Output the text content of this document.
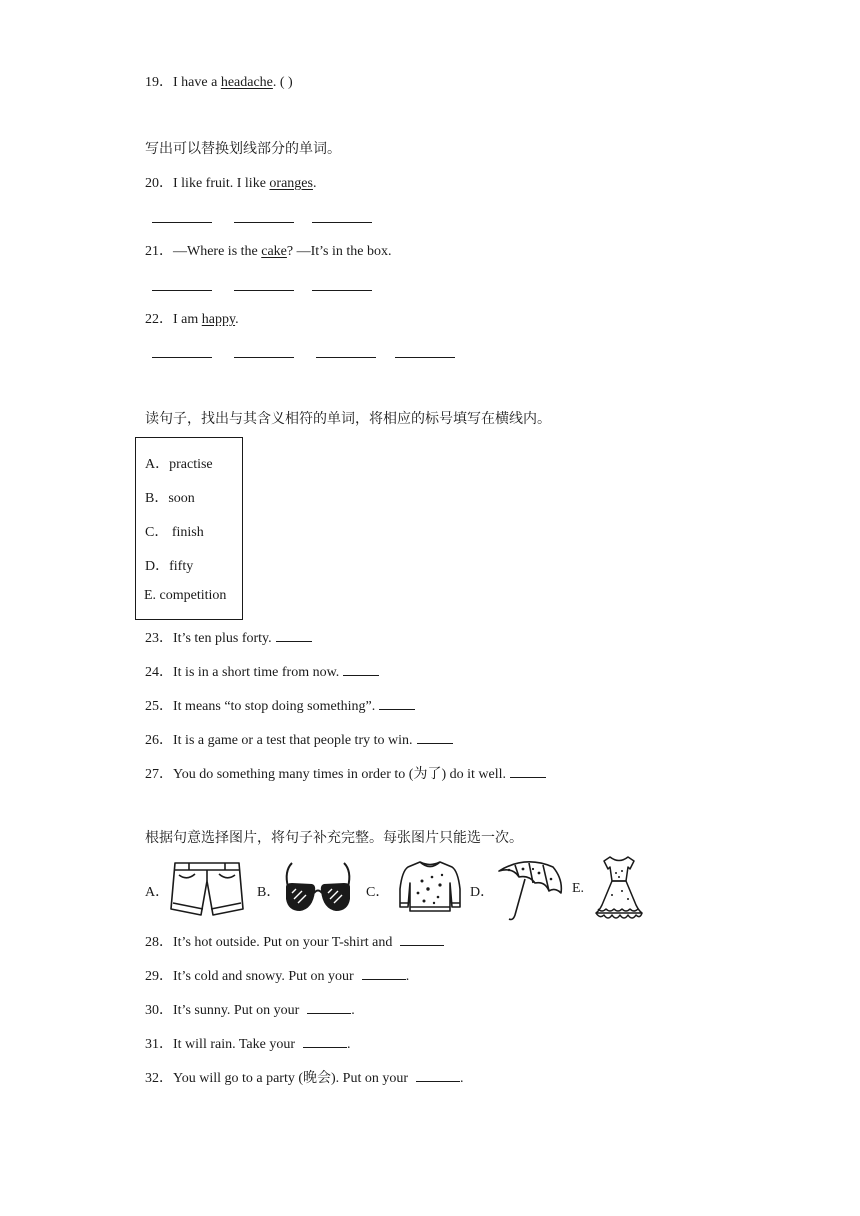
19．I have a headache. ( )
写出可以替换划线部分的单词。
20．I like fruit. I like oranges.
21．—Where is the cake? —It’s in the box.
22．I am happy.
读句子，找出与其含义相符的单词，将相应的标号填写在横线内。
A．practise
B．soon
C． finish
D．fifty
E. competition
23．It’s ten plus forty.
24．It is in a short time from now.
25．It means “to stop doing something”.
26．It is a game or a test that people try to win.
27．You do something many times in order to (为了) do it well.
根据句意选择图片，将句子补充完整。每张图片只能选一次。
A．	B．	C．	D．	E.
28．It’s hot outside. Put on your T-shirt and
29．It’s cold and snowy. Put on your	.
30．It’s sunny. Put on your	.
31．It will rain. Take your	.
32．You will go to a party (晚会). Put on your	.
